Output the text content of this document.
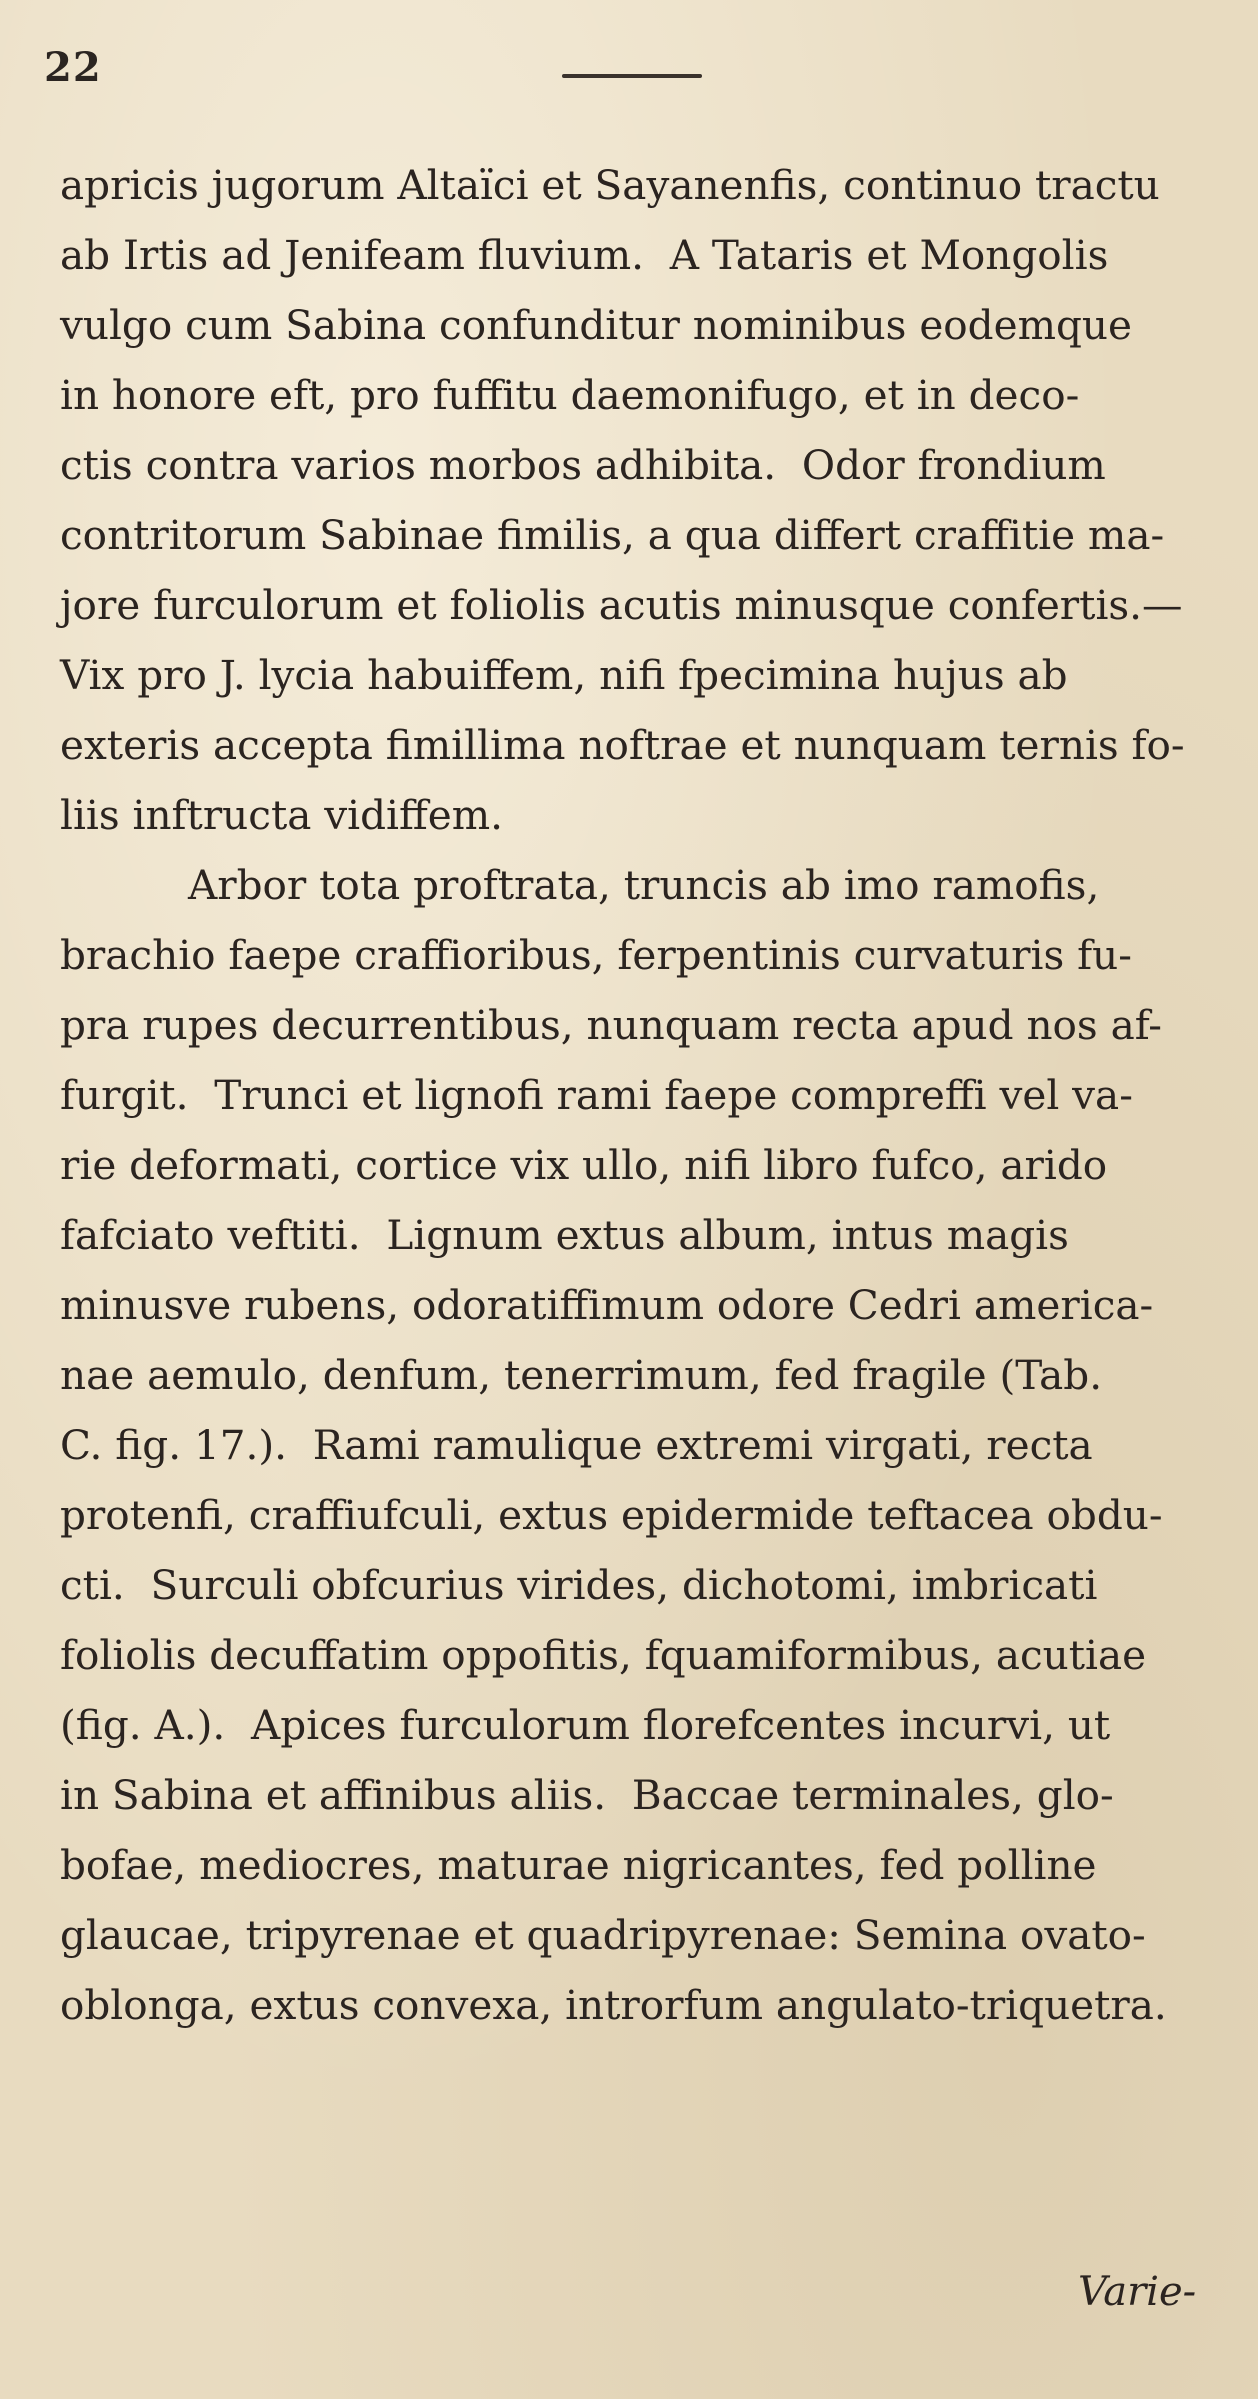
22
apricis jugorum Altaïci et Sayanenfis, continuo tractu
ab Irtis ad Jenifeam fluvium.  A Tataris et Mongolis
vulgo cum Sabina confunditur nominibus eodemque
in honore eft, pro fuffitu daemonifugo, et in deco-
ctis contra varios morbos adhibita.  Odor frondium
contritorum Sabinae fimilis, a qua differt craffitie ma-
jore furculorum et foliolis acutis minusque confertis.—
Vix pro J. lycia habuiffem, nifi fpecimina hujus ab
exteris accepta fimillima noftrae et nunquam ternis fo-
liis inftructa vidiffem.
Arbor tota proftrata, truncis ab imo ramofis,
brachio faepe craffioribus, ferpentinis curvaturis fu-
pra rupes decurrentibus, nunquam recta apud nos af-
furgit.  Trunci et lignofi rami faepe compreffi vel va-
rie deformati, cortice vix ullo, nifi libro fufco, arido
fafciato veftiti.  Lignum extus album, intus magis
minusve rubens, odoratiffimum odore Cedri america-
nae aemulo, denfum, tenerrimum, fed fragile (Tab.
C. fig. 17.).  Rami ramulique extremi virgati, recta
protenfi, craffiufculi, extus epidermide teftacea obdu-
cti.  Surculi obfcurius virides, dichotomi, imbricati
foliolis decuffatim oppofitis, fquamiformibus, acutiae
(fig. A.).  Apices furculorum florefcentes incurvi, ut
in Sabina et affinibus aliis.  Baccae terminales, glo-
bofae, mediocres, maturae nigricantes, fed polline
glaucae, tripyrenae et quadripyrenae: Semina ovato-
oblonga, extus convexa, introrfum angulato-triquetra.
Varie-
